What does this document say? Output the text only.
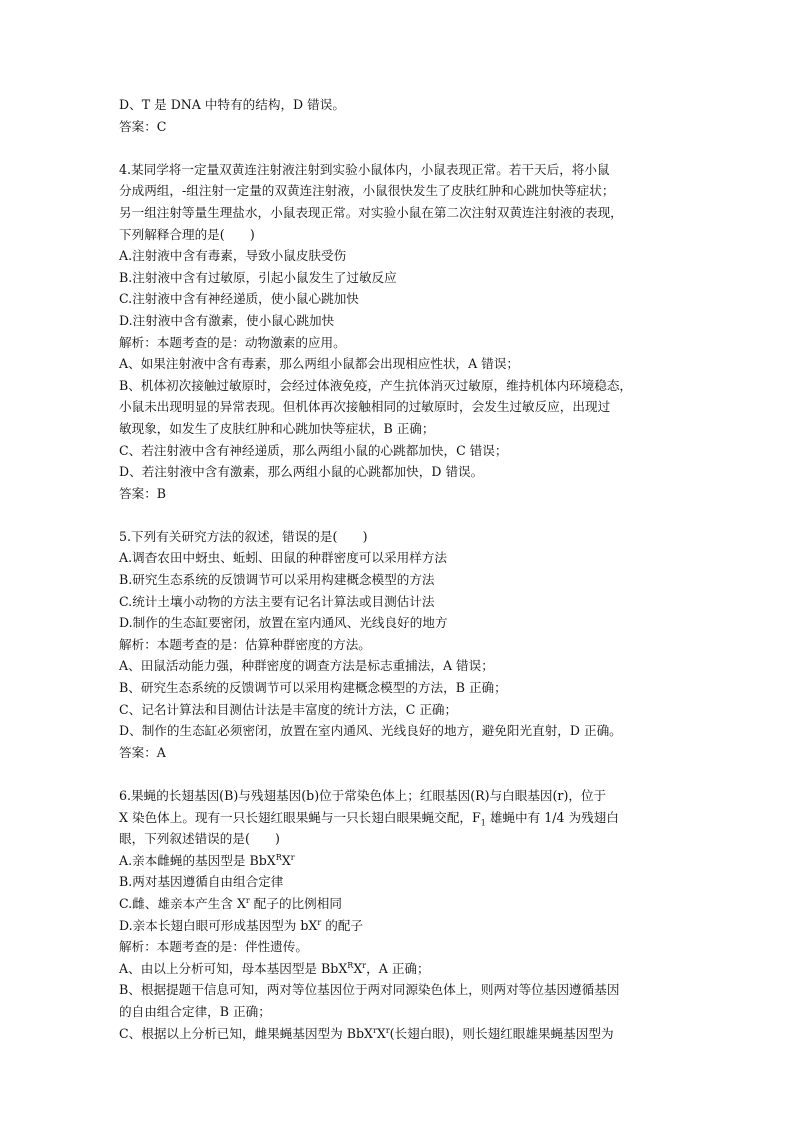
D、T 是 DNA 中特有的结构，D 错误。
答案：C
4.某同学将一定量双黄连注射液注射到实验小鼠体内，小鼠表现正常。若干天后，将小鼠
分成两组，-组注射一定量的双黄连注射液，小鼠很快发生了皮肤红肿和心跳加快等症状；
另一组注射等量生理盐水，小鼠表现正常。对实验小鼠在第二次注射双黄连注射液的表现，
下列解释合理的是(　　)
A.注射液中含有毒素，导致小鼠皮肤受伤
B.注射液中含有过敏原，引起小鼠发生了过敏反应
C.注射液中含有神经递质，使小鼠心跳加快
D.注射液中含有激素，使小鼠心跳加快
解析：本题考查的是：动物激素的应用。
A、如果注射液中含有毒素，那么两组小鼠都会出现相应性状，A 错误；
B、机体初次接触过敏原时，会经过体液免疫，产生抗体消灭过敏原，维持机体内环境稳态，
小鼠未出现明显的异常表现。但机体再次接触相同的过敏原时，会发生过敏反应，出现过
敏现象，如发生了皮肤红肿和心跳加快等症状，B 正确；
C、若注射液中含有神经递质，那么两组小鼠的心跳都加快，C 错误；
D、若注射液中含有激素，那么两组小鼠的心跳都加快，D 错误。
答案：B
5.下列有关研究方法的叙述，错误的是(　　)
A.调杳农田中蚜虫、蚯蚓、田鼠的种群密度可以采用样方法
B.研究生态系统的反馈调节可以采用构建概念模型的方法
C.统计土壤小动物的方法主要有记名计算法或目测估计法
D.制作的生态缸要密闭，放置在室内通风、光线良好的地方
解析：本题考查的是：估算种群密度的方法。
A、田鼠活动能力强，种群密度的调查方法是标志重捕法，A 错误；
B、研究生态系统的反馈调节可以采用构建概念模型的方法，B 正确；
C、记名计算法和目测估计法是丰富度的统计方法，C 正确；
D、制作的生态缸必须密闭，放置在室内通风、光线良好的地方，避免阳光直射，D 正确。
答案：A
6.果蝇的长翅基因(B)与残翅基因(b)位于常染色体上；红眼基因(R)与白眼基因(r)，位于
X 染色体上。现有一只长翅红眼果蝇与一只长翅白眼果蝇交配，$F_1$ 雄蝇中有 1/4 为残翅白
眼，下列叙述错误的是(　　)
A.亲本雌蝇的基因型是 $BbX^RX^r$
B.两对基因遵循自由组合定律
C.雌、雄亲本产生含 $X^r$ 配子的比例相同
D.亲本长翅白眼可形成基因型为 $bX^r$ 的配子
解析：本题考查的是：伴性遗传。
A、由以上分析可知，母本基因型是 $BbX^RX^r$，A 正确；
B、根据提题干信息可知，两对等位基因位于两对同源染色体上，则两对等位基因遵循基因
的自由组合定律，B 正确；
C、根据以上分析已知，雌果蝇基因型为 $BbX^rX^r$(长翅白眼)，则长翅红眼雄果蝇基因型为
